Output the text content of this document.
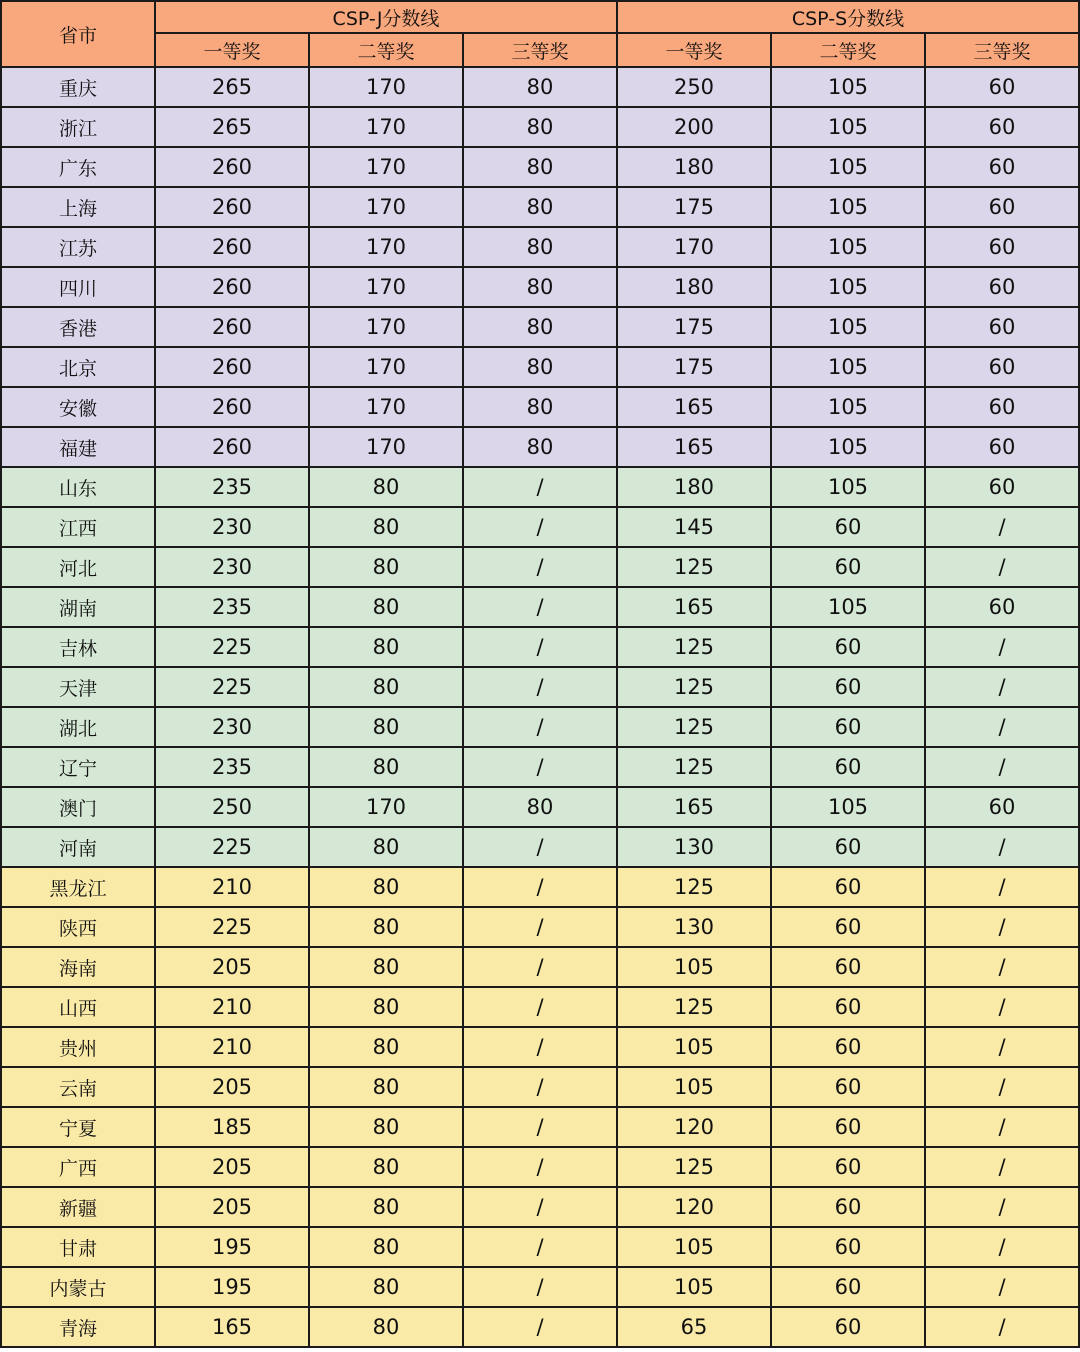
省市	CSP-J分数线			CSP-S分数线		
	一等奖	二等奖	三等奖	一等奖	二等奖	三等奖
重庆	265	170	80	250	105	60
浙江	265	170	80	200	105	60
广东	260	170	80	180	105	60
上海	260	170	80	175	105	60
江苏	260	170	80	170	105	60
四川	260	170	80	180	105	60
香港	260	170	80	175	105	60
北京	260	170	80	175	105	60
安徽	260	170	80	165	105	60
福建	260	170	80	165	105	60
山东	235	80	/	180	105	60
江西	230	80	/	145	60	/
河北	230	80	/	125	60	/
湖南	235	80	/	165	105	60
吉林	225	80	/	125	60	/
天津	225	80	/	125	60	/
湖北	230	80	/	125	60	/
辽宁	235	80	/	125	60	/
澳门	250	170	80	165	105	60
河南	225	80	/	130	60	/
黑龙江	210	80	/	125	60	/
陕西	225	80	/	130	60	/
海南	205	80	/	105	60	/
山西	210	80	/	125	60	/
贵州	210	80	/	105	60	/
云南	205	80	/	105	60	/
宁夏	185	80	/	120	60	/
广西	205	80	/	125	60	/
新疆	205	80	/	120	60	/
甘肃	195	80	/	105	60	/
内蒙古	195	80	/	105	60	/
青海	165	80	/	65	60	/
